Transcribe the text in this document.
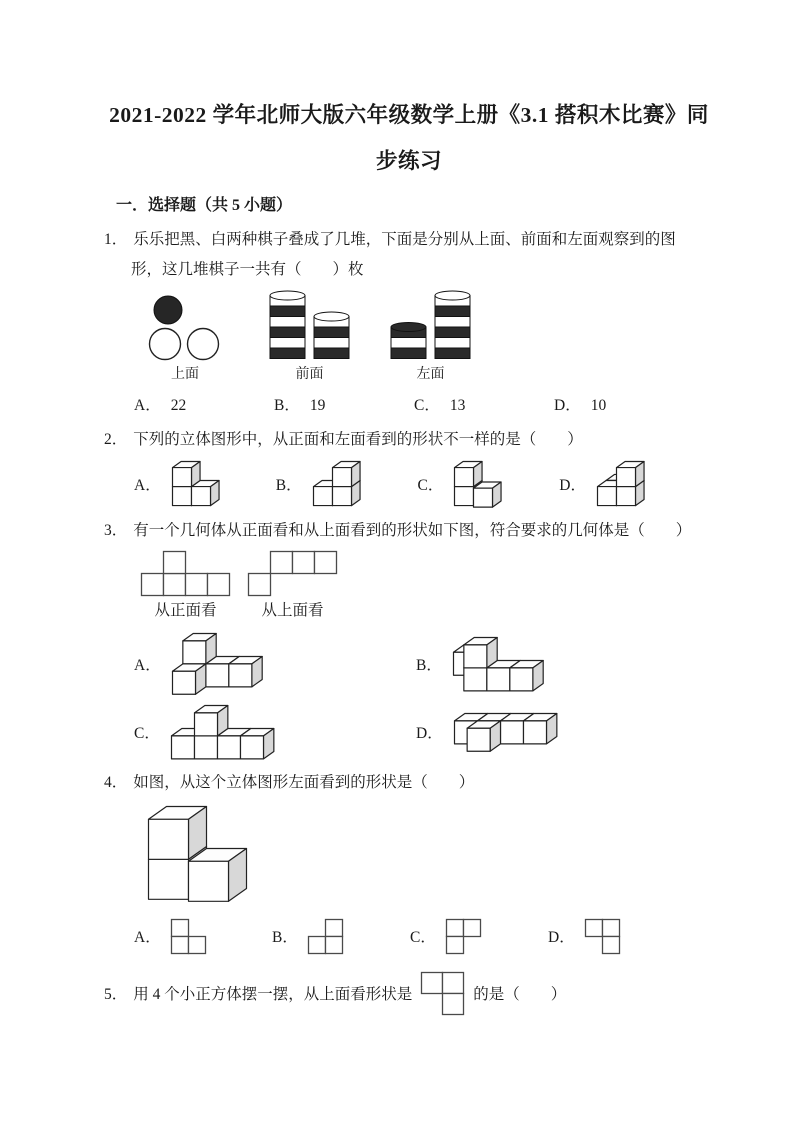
2021-2022 学年北师大版六年级数学上册《3.1 搭积木比赛》同步练习
一．选择题（共 5 小题）

1． 乐乐把黑、白两种棋子叠成了几堆，下面是分别从上面、前面和左面观察到的图形，这几堆棋子一共有（　　）枚

上面	前面	左面
A． 22	B． 19	C． 13	D． 10

2． 下列的立体图形中，从正面和左面看到的形状不一样的是（　　）

A．	B．	C．	D．

3． 有一个几何体从正面看和从上面看到的形状如下图，符合要求的几何体是（　　）

从正面看	从上面看
A．	B．
C．	D．

4． 如图，从这个立体图形左面看到的形状是（　　）

A．	B．	C．	D．
5． 用 4 个小正方体摆一摆，从上面看形状是	的是（　　）
